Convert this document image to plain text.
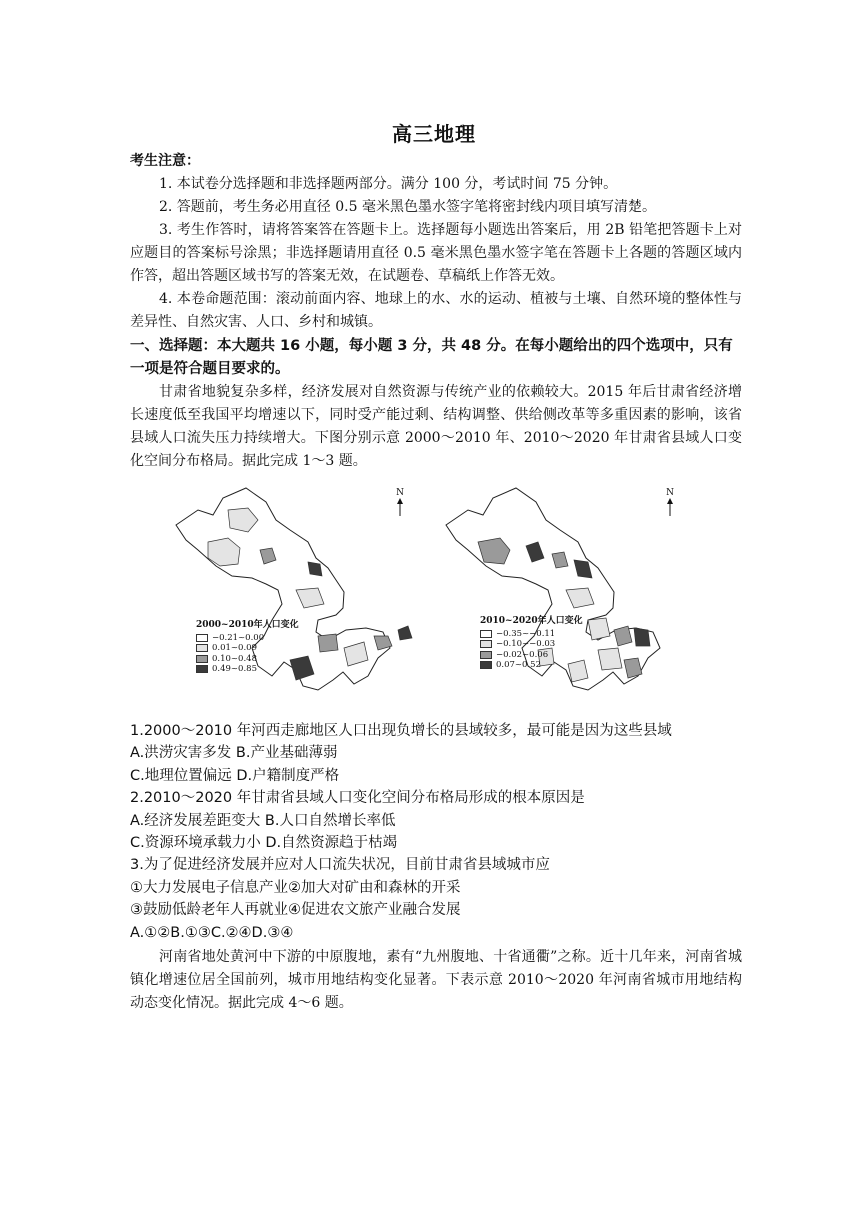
高三地理

考生注意：

1. 本试卷分选择题和非选择题两部分。满分 100 分，考试时间 75 分钟。

2. 答题前，考生务必用直径 0.5 毫米黑色墨水签字笔将密封线内项目填写清楚。

3. 考生作答时，请将答案答在答题卡上。选择题每小题选出答案后，用 2B 铅笔把答题卡上对应题目的答案标号涂黑；非选择题请用直径 0.5 毫米黑色墨水签字笔在答题卡上各题的答题区域内作答，超出答题区域书写的答案无效，在试题卷、草稿纸上作答无效。

4. 本卷命题范围：滚动前面内容、地球上的水、水的运动、植被与土壤、自然环境的整体性与差异性、自然灾害、人口、乡村和城镇。

一、选择题：本大题共 16 小题，每小题 3 分，共 48 分。在每小题给出的四个选项中，只有一项是符合题目要求的。

甘肃省地貌复杂多样，经济发展对自然资源与传统产业的依赖较大。2015 年后甘肃省经济增长速度低至我国平均增速以下，同时受产能过剩、结构调整、供给侧改革等多重因素的影响，该省县域人口流失压力持续增大。下图分别示意 2000～2010 年、2010～2020 年甘肃省县域人口变化空间分布格局。据此完成 1～3 题。

N
2000~2010年人口变化
−0.21~0.00
0.01~0.09
0.10~0.48
0.49~0.85
N
2010~2020年人口变化
−0.35~−0.11
−0.10~−0.03
−0.02~0.06
0.07~0.52

1.2000～2010 年河西走廊地区人口出现负增长的县域较多，最可能是因为这些县域

A.洪涝灾害多发 B.产业基础薄弱

C.地理位置偏远 D.户籍制度严格

2.2010～2020 年甘肃省县域人口变化空间分布格局形成的根本原因是

A.经济发展差距变大 B.人口自然增长率低

C.资源环境承载力小 D.自然资源趋于枯竭

3.为了促进经济发展并应对人口流失状况，目前甘肃省县域城市应

①大力发展电子信息产业②加大对矿由和森林的开采

③鼓励低龄老年人再就业④促进农文旅产业融合发展

A.①②B.①③C.②④D.③④

河南省地处黄河中下游的中原腹地，素有“九州腹地、十省通衢”之称。近十几年来，河南省城镇化增速位居全国前列，城市用地结构变化显著。下表示意 2010～2020 年河南省城市用地结构动态变化情况。据此完成 4～6 题。
